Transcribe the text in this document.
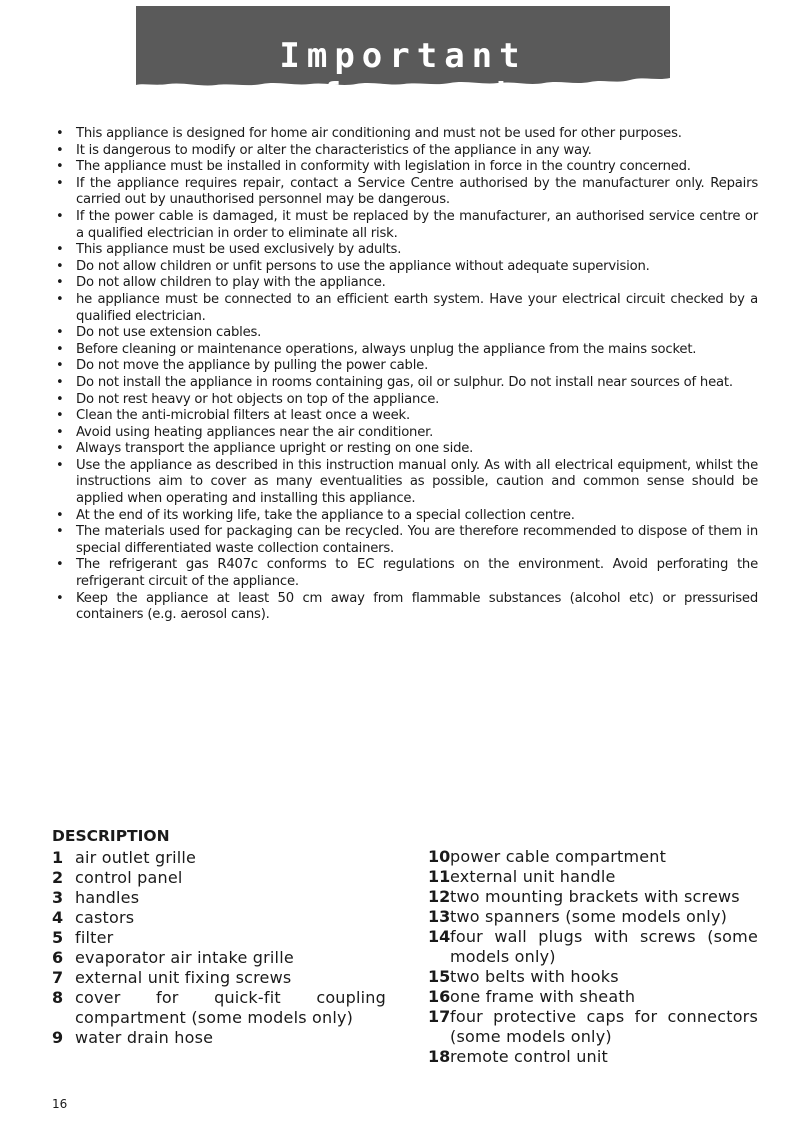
Important safeguards
• This appliance is designed for home air conditioning and must not be used for other purposes.
• It is dangerous to modify or alter the characteristics of the appliance in any way.
• The appliance must be installed in conformity with legislation in force in the country concerned.
• If the appliance requires repair, contact a Service Centre authorised by the manufacturer only. Repairs carried out by unauthorised personnel may be dangerous.
• If the power cable is damaged, it must be replaced by the manufacturer, an authorised service centre or a qualified electrician in order to eliminate all risk.
• This appliance must be used exclusively by adults.
• Do not allow children or unfit persons to use the appliance without adequate supervision.
• Do not allow children to play with the appliance.
• he appliance must be connected to an efficient earth system. Have your electrical circuit checked by a qualified electrician.
• Do not use extension cables.
• Before cleaning or maintenance operations, always unplug the appliance from the mains socket.
• Do not move the appliance by pulling the power cable.
• Do not install the appliance in rooms containing gas, oil or sulphur. Do not install near sources of heat.
• Do not rest heavy or hot objects on top of the appliance.
• Clean the anti-microbial filters at least once a week.
• Avoid using heating appliances near the air conditioner.
• Always transport the appliance upright or resting on one side.
• Use the appliance as described in this instruction manual only. As with all electrical equipment, whilst the instructions aim to cover as many eventualities as possible, caution and common sense should be applied when operating and installing this appliance.
• At the end of its working life, take the appliance to a special collection centre.
• The materials used for packaging can be recycled. You are therefore recommended to dispose of them in special differentiated waste collection containers.
• The refrigerant gas R407c conforms to EC regulations on the environment. Avoid perforating the refrigerant circuit of the appliance.
• Keep the appliance at least 50 cm away from flammable substances (alcohol etc) or pressurised containers (e.g. aerosol cans).
DESCRIPTION
1 air outlet grille
2 control panel
3 handles
4 castors
5 filter
6 evaporator air intake grille
7 external unit fixing screws
8 cover for quick-fit coupling compartment (some models only)
9 water drain hose
10 power cable compartment
11 external unit handle
12 two mounting brackets with screws
13 two spanners (some models only)
14 four wall plugs with screws (some models only)
15 two belts with hooks
16 one frame with sheath
17 four protective caps for connectors (some models only)
18 remote control unit
16
